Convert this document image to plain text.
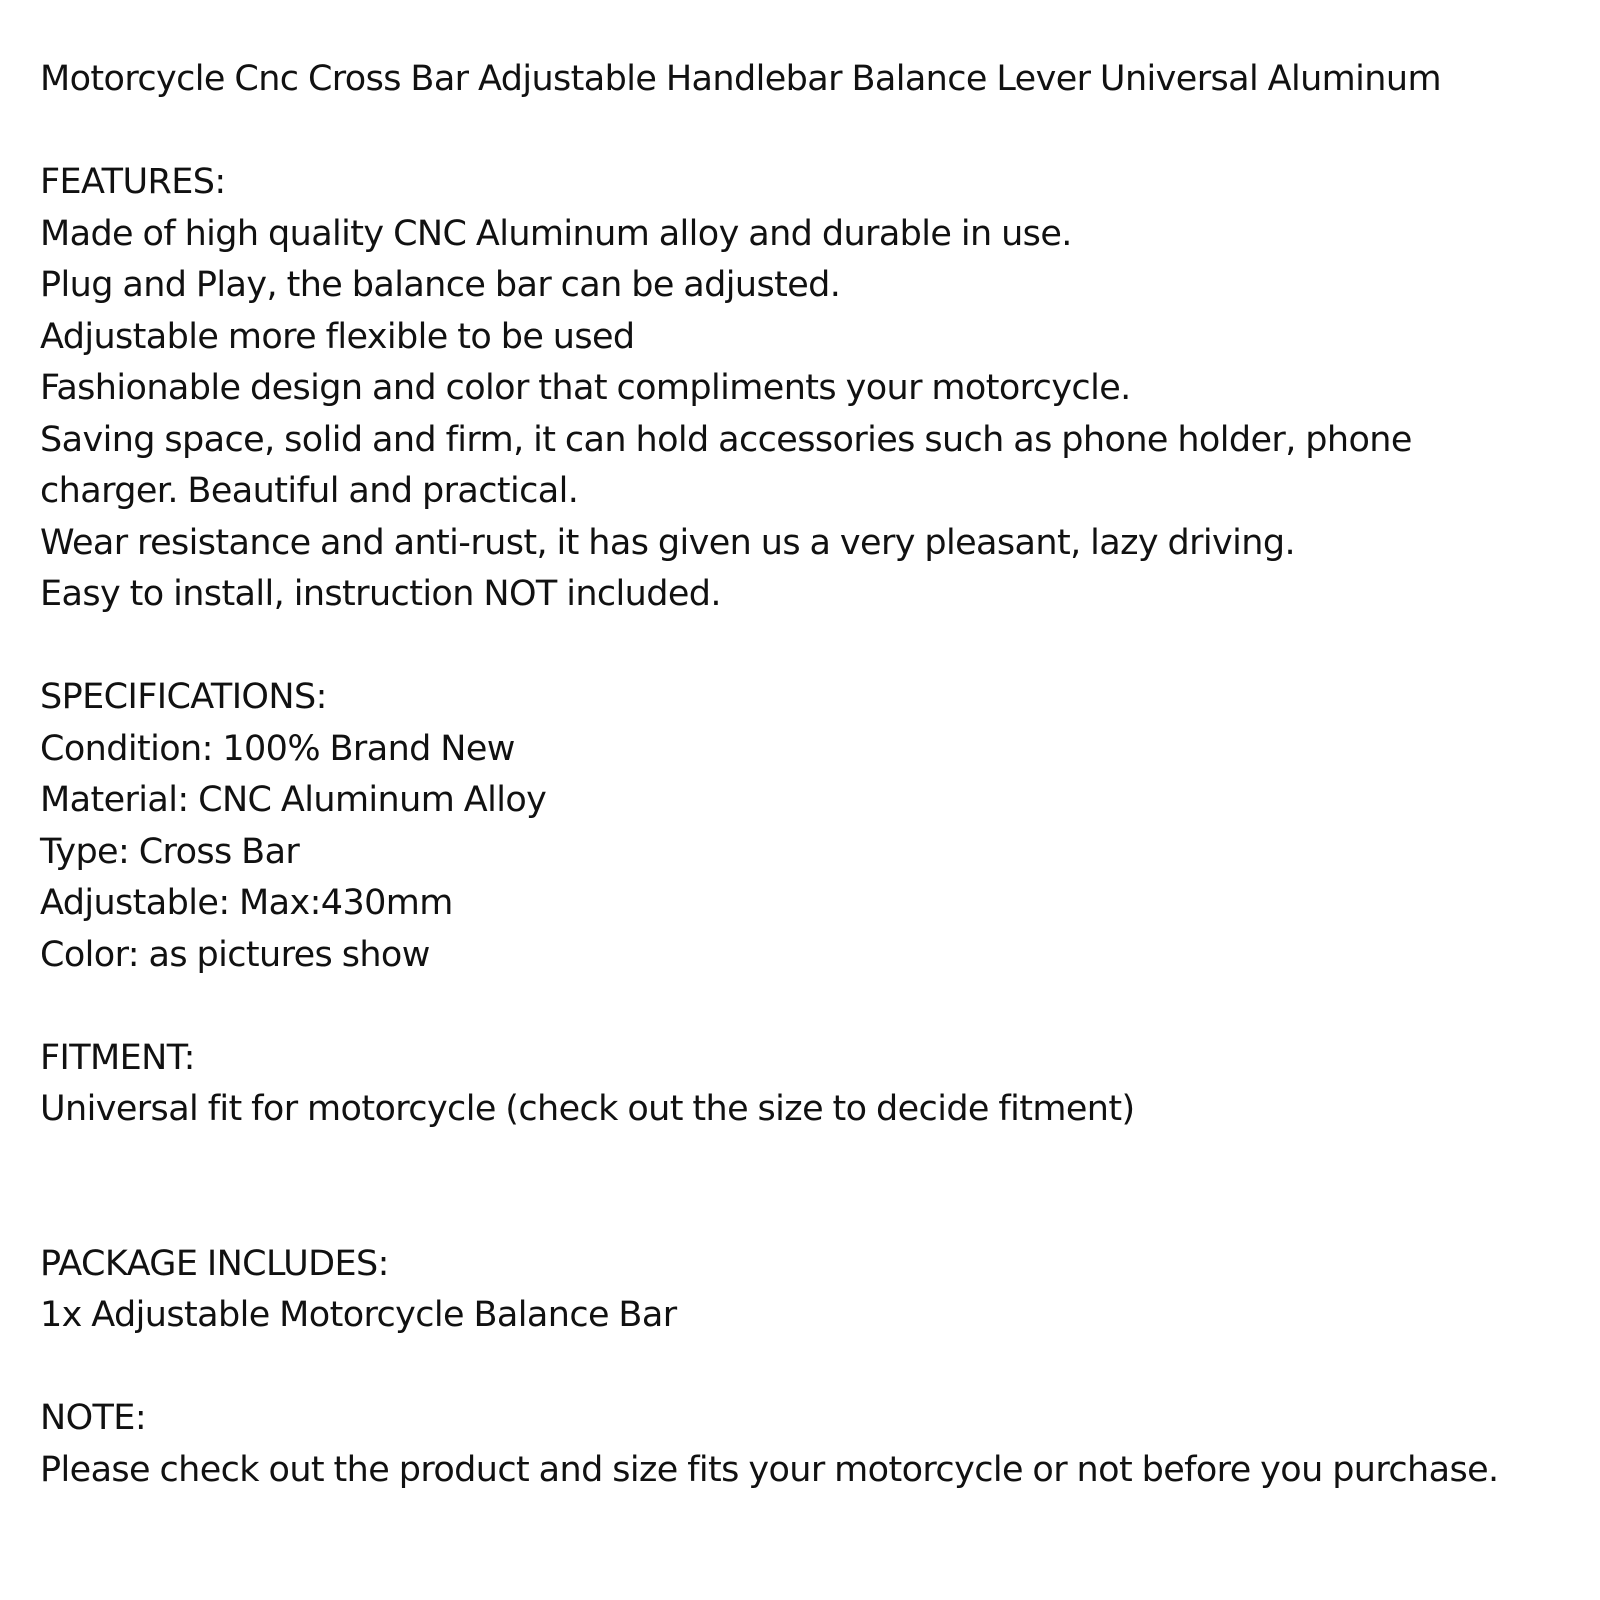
Motorcycle Cnc Cross Bar Adjustable Handlebar Balance Lever Universal Aluminum

FEATURES:

Made of high quality CNC Aluminum alloy and durable in use.

Plug and Play, the balance bar can be adjusted.

Adjustable more flexible to be used

Fashionable design and color that compliments your motorcycle.

Saving space, solid and firm, it can hold accessories such as phone holder, phone charger. Beautiful and practical.

Wear resistance and anti-rust, it has given us a very pleasant, lazy driving.

Easy to install, instruction NOT included.

SPECIFICATIONS:

Condition: 100% Brand New

Material: CNC Aluminum Alloy

Type: Cross Bar

Adjustable: Max:430mm

Color: as pictures show

FITMENT:

Universal fit for motorcycle (check out the size to decide fitment)

PACKAGE INCLUDES:

1x Adjustable Motorcycle Balance Bar

NOTE:

Please check out the product and size fits your motorcycle or not before you purchase.
